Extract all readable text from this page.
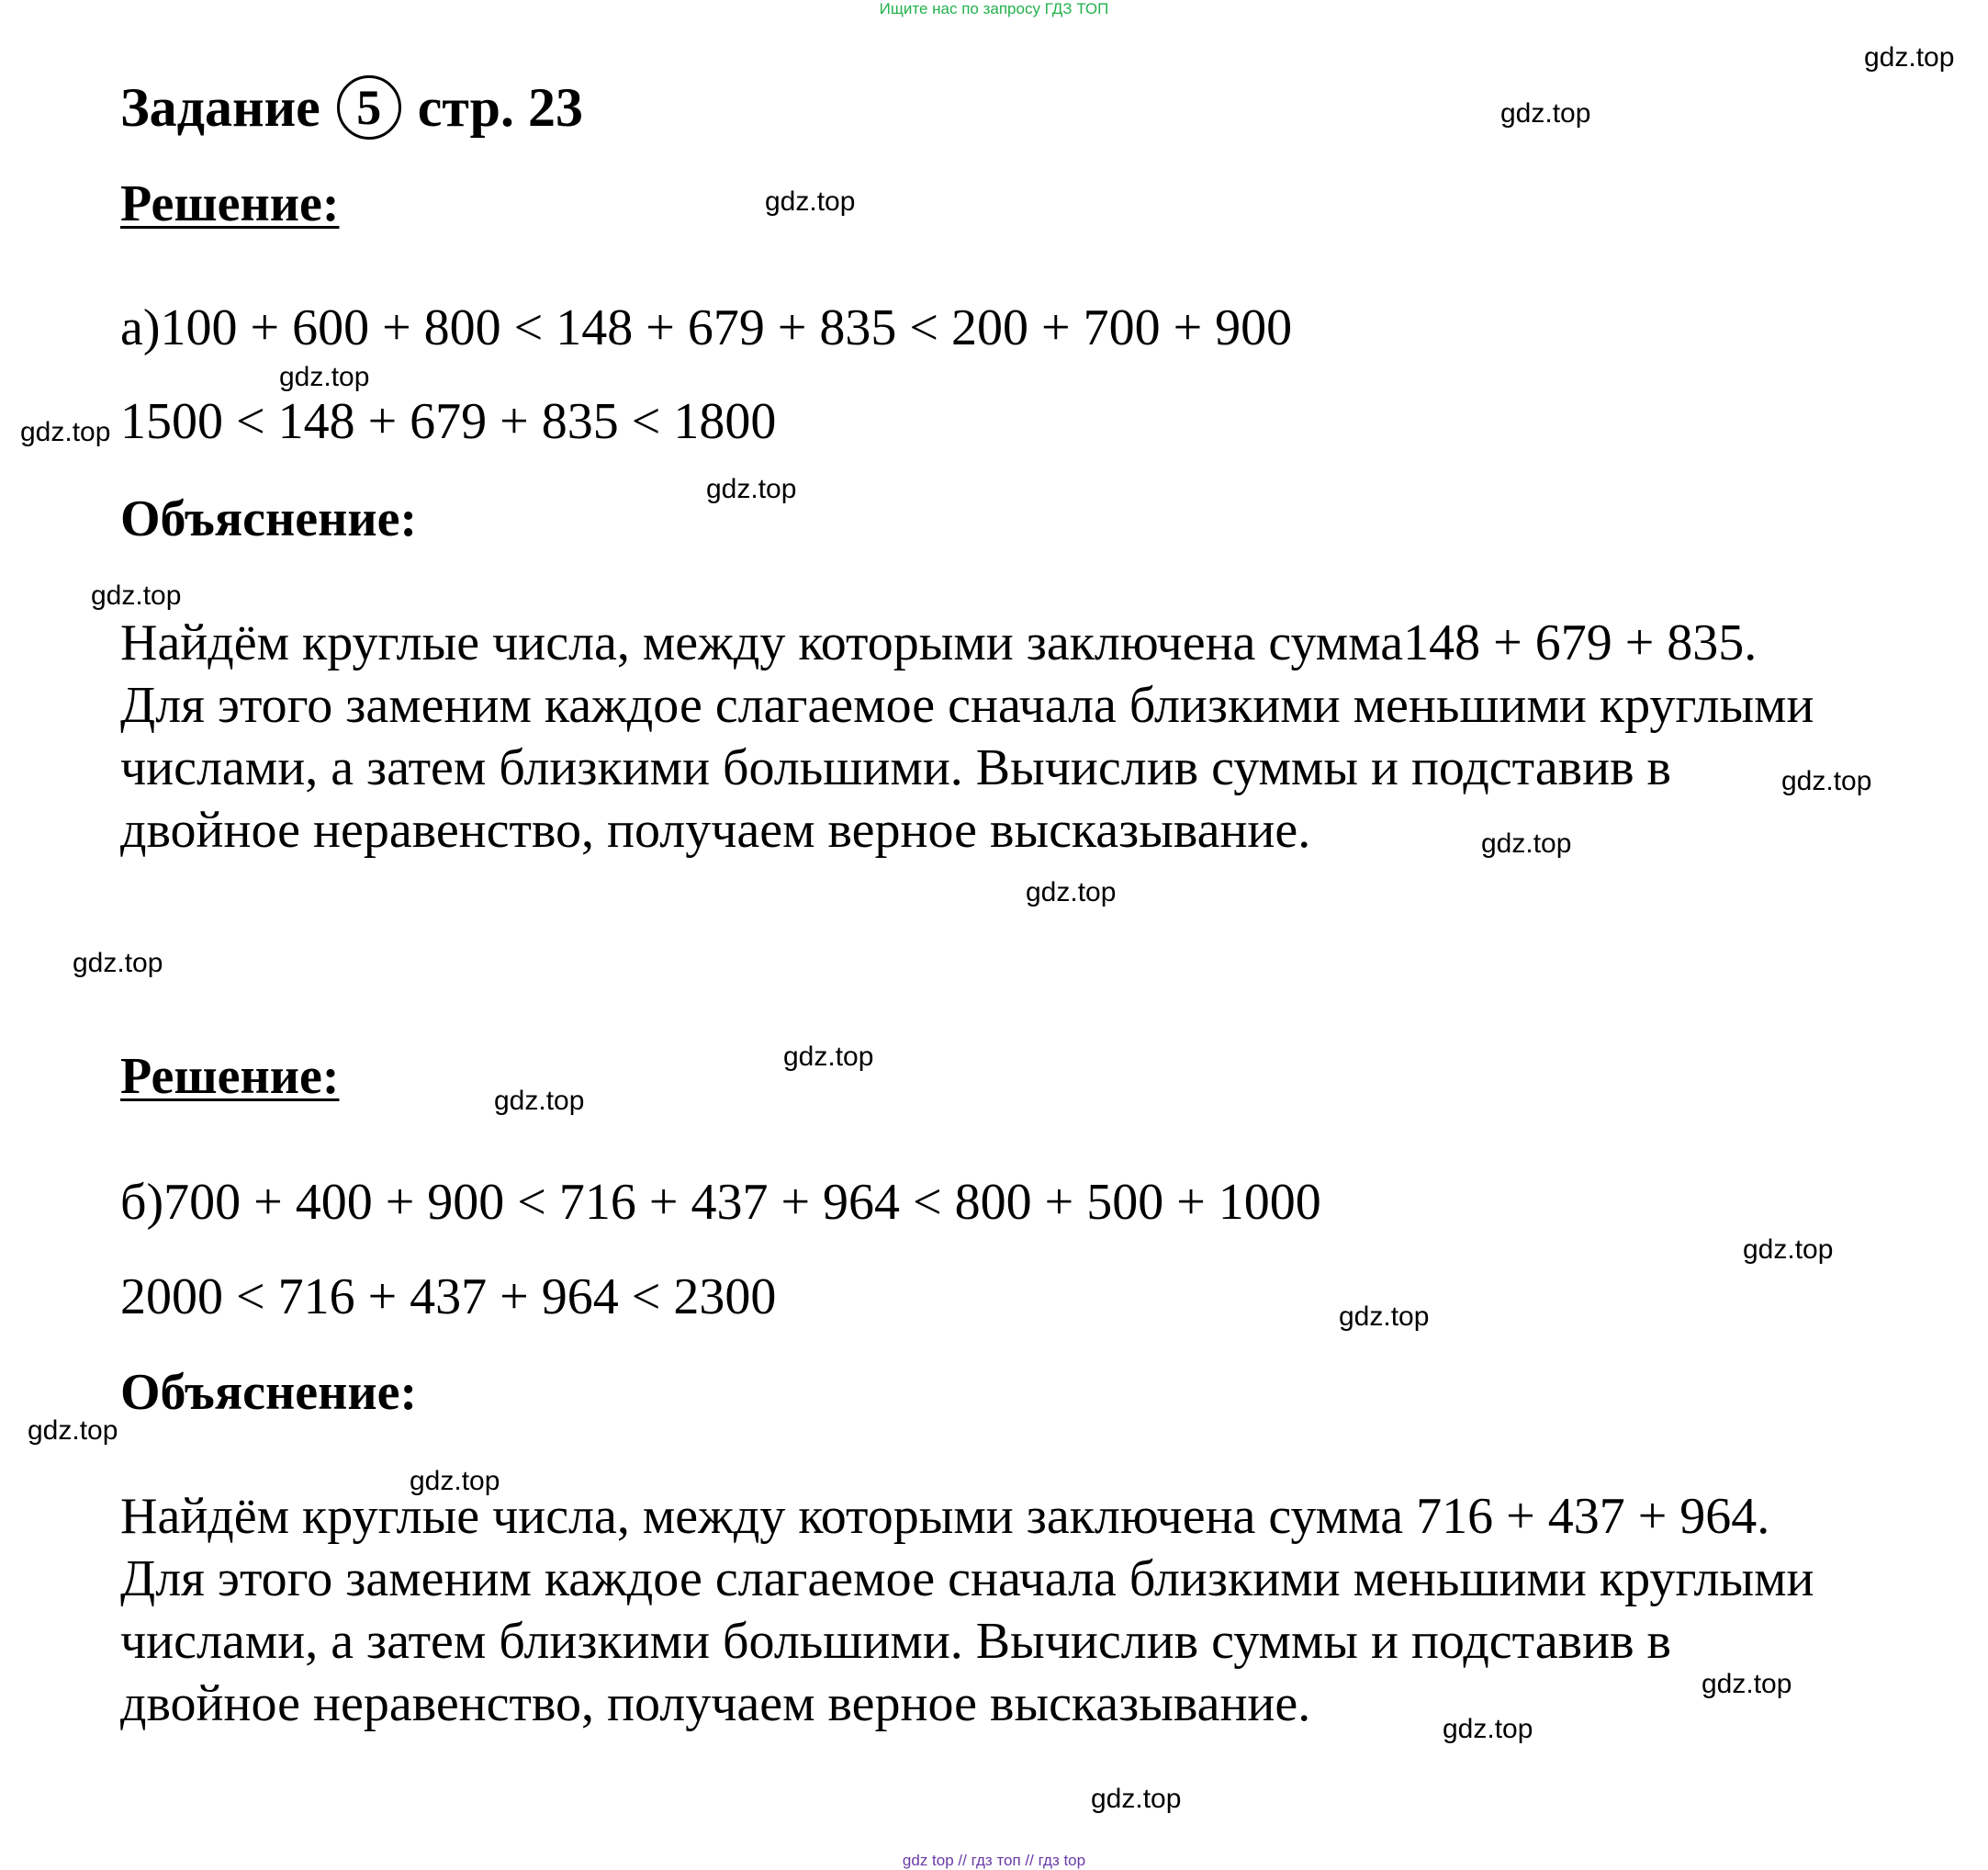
Ищите нас по запросу ГДЗ ТОП
Задание 5 стр. 23
Решение:
а)100 + 600 + 800 < 148 + 679 + 835 < 200 + 700 + 900
1500 < 148 + 679 + 835 < 1800
Объяснение:
Найдём круглые числа, между которыми заключена сумма148 + 679 + 835.
Для этого заменим каждое слагаемое сначала близкими меньшими круглыми
числами, а затем близкими большими. Вычислив суммы и подставив в
двойное неравенство, получаем верное высказывание.
Решение:
б)700 + 400 + 900 < 716 + 437 + 964 < 800 + 500 + 1000
2000 < 716 + 437 + 964 < 2300
Объяснение:
Найдём круглые числа, между которыми заключена сумма 716 + 437 + 964.
Для этого заменим каждое слагаемое сначала близкими меньшими круглыми
числами, а затем близкими большими. Вычислив суммы и подставив в
двойное неравенство, получаем верное высказывание.
gdz.top
gdz.top
gdz.top
gdz.top
gdz.top
gdz.top
gdz.top
gdz.top
gdz.top
gdz.top
gdz.top
gdz.top
gdz.top
gdz.top
gdz.top
gdz.top
gdz.top
gdz.top
gdz.top
gdz.top
gdz top // гдз топ // гдз top
